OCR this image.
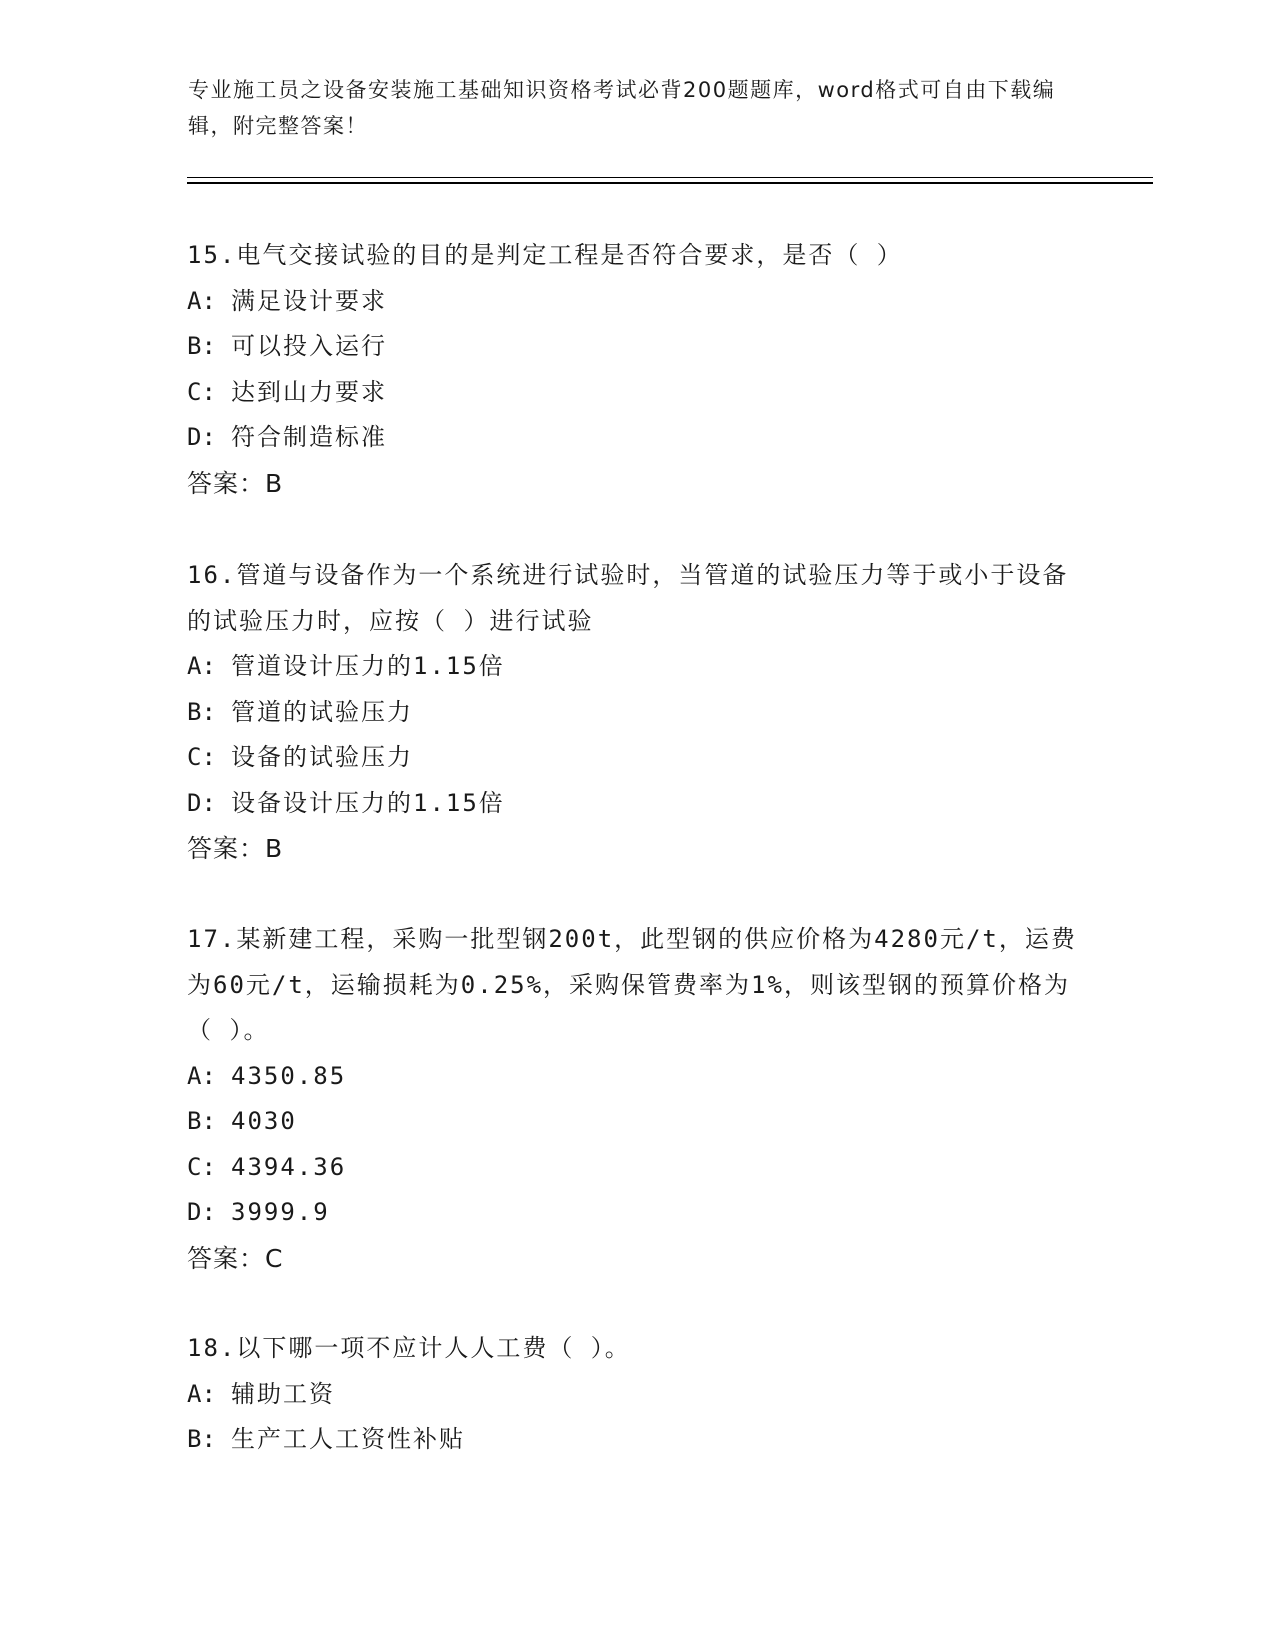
专业施工员之设备安装施工基础知识资格考试必背200题题库，word格式可自由下载编辑，附完整答案！
15.电气交接试验的目的是判定工程是否符合要求，是否（ ）
A: 满足设计要求
B: 可以投入运行
C: 达到山力要求
D: 符合制造标准
答案：B
16.管道与设备作为一个系统进行试验时，当管道的试验压力等于或小于设备的试验压力时，应按（ ）进行试验
A: 管道设计压力的1.15倍
B: 管道的试验压力
C: 设备的试验压力
D: 设备设计压力的1.15倍
答案：B
17.某新建工程，采购一批型钢200t，此型钢的供应价格为4280元/t，运费为60元/t，运输损耗为0.25%，采购保管费率为1%，则该型钢的预算价格为（ ）。
A: 4350.85
B: 4030
C: 4394.36
D: 3999.9
答案：C
18.以下哪一项不应计人人工费（ ）。
A: 辅助工资
B: 生产工人工资性补贴
